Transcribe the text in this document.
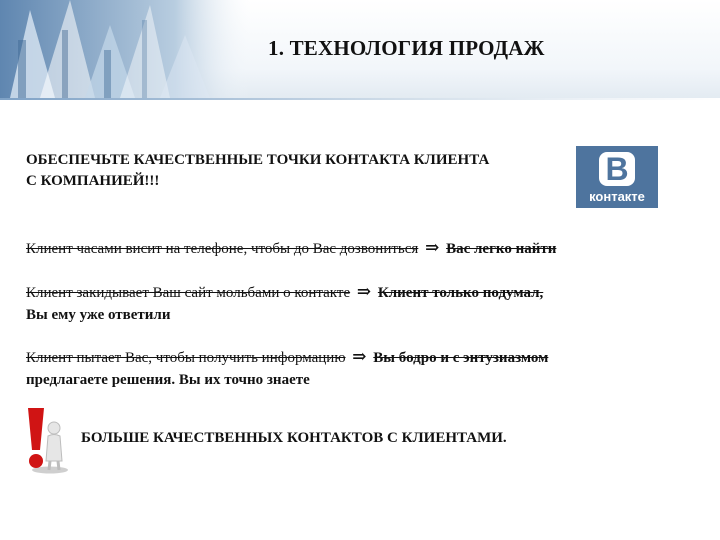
1. ТЕХНОЛОГИЯ ПРОДАЖ
ОБЕСПЕЧЬТЕ КАЧЕСТВЕННЫЕ ТОЧКИ КОНТАКТА КЛИЕНТА
С КОМПАНИЕЙ!!!	B
контакте
Клиент часами висит на телефоне, чтобы до Вас дозвониться ⇒ Вас легко найти
Клиент закидывает Ваш сайт мольбами о контакте ⇒ Клиент только подумал,
Вы ему уже ответили
Клиент пытает Вас, чтобы получить информацию ⇒ Вы бодро и с энтузиазмом
предлагаете решения. Вы их точно знаете
БОЛЬШЕ КАЧЕСТВЕННЫХ КОНТАКТОВ С КЛИЕНТАМИ.
